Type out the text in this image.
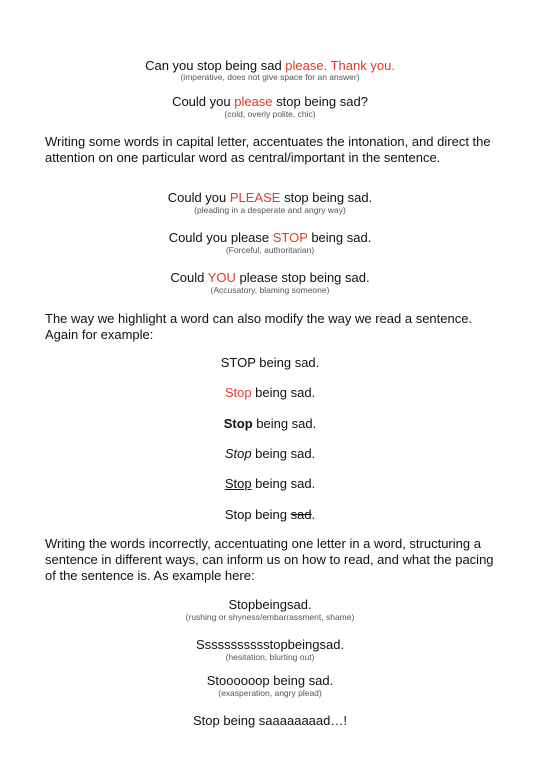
Can you stop being sad please. Thank you.
(imperative, does not give space for an answer)
Could you please stop being sad?
(cold, overly polite, chic)
Writing some words in capital letter, accentuates the intonation, and direct the attention on one particular word as central/important in the sentence.
Could you PLEASE stop being sad.
(pleading in a desperate and angry way)
Could you please STOP being sad.
(Forceful, authoritarian)
Could YOU please stop being sad.
(Accusatory, blaming someone)
The way we highlight a word can also modify the way we read a sentence. Again for example:
STOP being sad.
Stop being sad.
Stop being sad.
Stop being sad.
Stop being sad.
Stop being sad.
Writing the words incorrectly, accentuating one letter in a word, structuring a sentence in different ways, can inform us on how to read, and what the pacing of the sentence is. As example here:
Stopbeingsad.
(rushing or shyness/embarrassment, shame)
Ssssssssssstopbeingsad.
(hesitation, blurting out)
Stoooooop being sad.
(exasperation, angry plead)
Stop being saaaaaaaad…!
